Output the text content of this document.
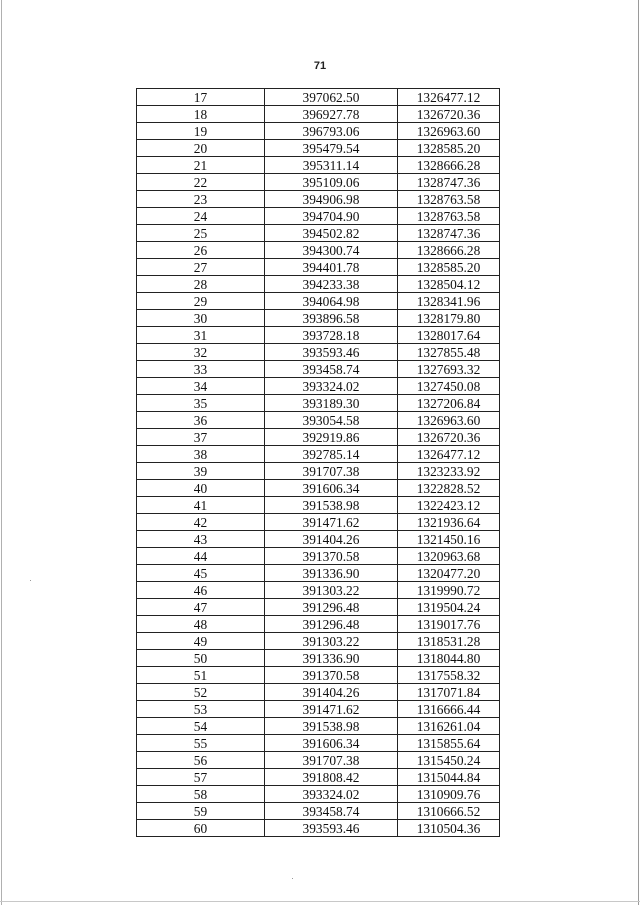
71
17	397062.50	1326477.12
18	396927.78	1326720.36
19	396793.06	1326963.60
20	395479.54	1328585.20
21	395311.14	1328666.28
22	395109.06	1328747.36
23	394906.98	1328763.58
24	394704.90	1328763.58
25	394502.82	1328747.36
26	394300.74	1328666.28
27	394401.78	1328585.20
28	394233.38	1328504.12
29	394064.98	1328341.96
30	393896.58	1328179.80
31	393728.18	1328017.64
32	393593.46	1327855.48
33	393458.74	1327693.32
34	393324.02	1327450.08
35	393189.30	1327206.84
36	393054.58	1326963.60
37	392919.86	1326720.36
38	392785.14	1326477.12
39	391707.38	1323233.92
40	391606.34	1322828.52
41	391538.98	1322423.12
42	391471.62	1321936.64
43	391404.26	1321450.16
44	391370.58	1320963.68
45	391336.90	1320477.20
46	391303.22	1319990.72
47	391296.48	1319504.24
48	391296.48	1319017.76
49	391303.22	1318531.28
50	391336.90	1318044.80
51	391370.58	1317558.32
52	391404.26	1317071.84
53	391471.62	1316666.44
54	391538.98	1316261.04
55	391606.34	1315855.64
56	391707.38	1315450.24
57	391808.42	1315044.84
58	393324.02	1310909.76
59	393458.74	1310666.52
60	393593.46	1310504.36
